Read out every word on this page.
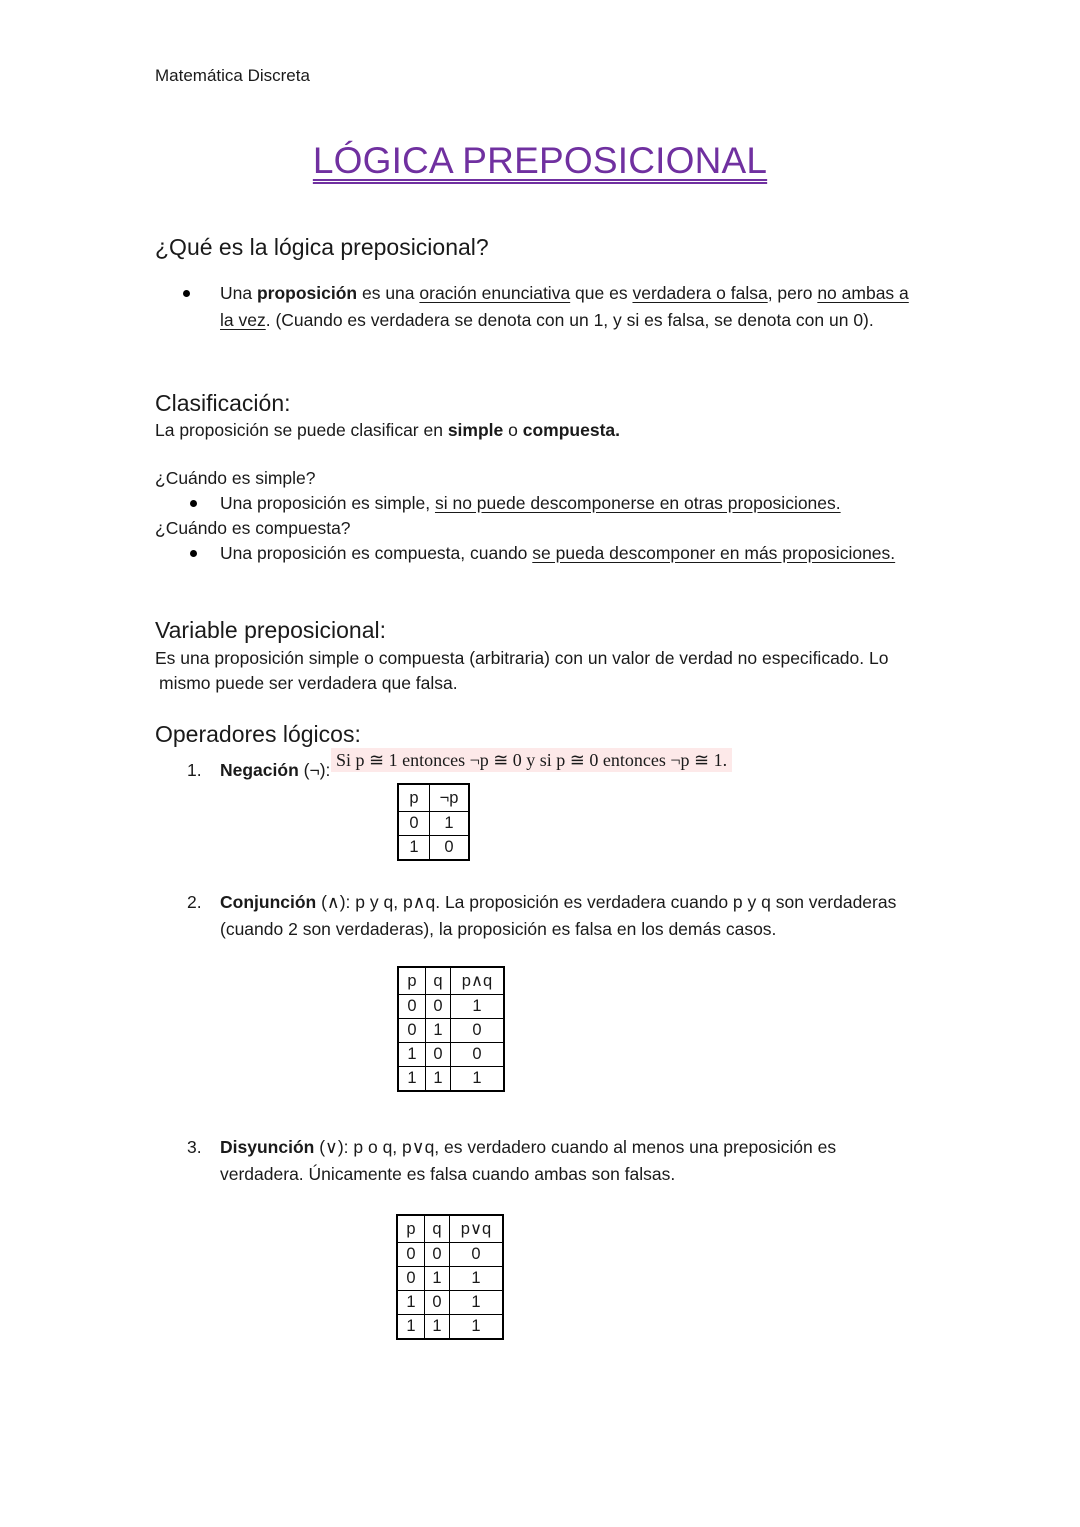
Matemática Discreta
LÓGICA PREPOSICIONAL
¿Qué es la lógica preposicional?
Una proposición es una oración enunciativa que es verdadera o falsa, pero no ambas a
la vez. (Cuando es verdadera se denota con un 1, y si es falsa, se denota con un 0).
Clasificación:
La proposición se puede clasificar en simple o compuesta.
¿Cuándo es simple?
Una proposición es simple, si no puede descomponerse en otras proposiciones.
¿Cuándo es compuesta?
Una proposición es compuesta, cuando se pueda descomponer en más proposiciones.
Variable preposicional:
Es una proposición simple o compuesta (arbitraria) con un valor de verdad no especificado. Lo
mismo puede ser verdadera que falsa.
Operadores lógicos:
1. Negación (¬): Si p ≅ 1 entonces ¬p ≅ 0 y si p ≅ 0 entonces ¬p ≅ 1.
p	¬p
0	1
1	0
2. Conjunción (∧): p y q, p∧q. La proposición es verdadera cuando p y q son verdaderas
(cuando 2 son verdaderas), la proposición es falsa en los demás casos.
p	q	p∧q
0	0	1
0	1	0
1	0	0
1	1	1
3. Disyunción (∨): p o q, p∨q, es verdadero cuando al menos una preposición es
verdadera. Únicamente es falsa cuando ambas son falsas.
p	q	p∨q
0	0	0
0	1	1
1	0	1
1	1	1
